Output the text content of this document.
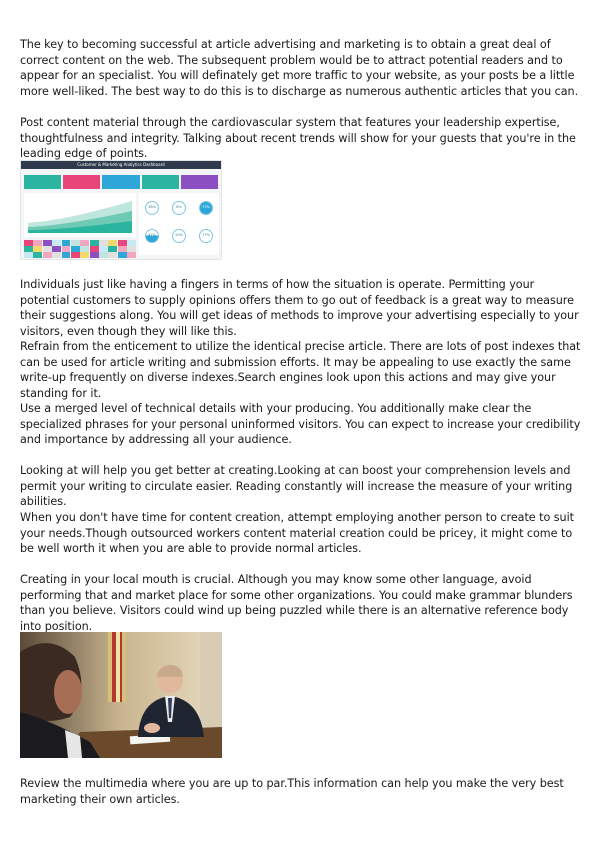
The key to becoming successful at article advertising and marketing is to obtain a great deal of correct content on the web. The subsequent problem would be to attract potential readers and to appear for an specialist. You will definately get more traffic to your website, as your posts be a little more well-liked. The best way to do this is to discharge as numerous authentic articles that you can.

Post content material through the cardiovascular system that features your leadership expertise, thoughtfulness and integrity. Talking about recent trends will show for your guests that you're in the leading edge of points.

Customer & Marketing Analytics Dashboard
38%	8%	73%
47%	20%	77%

Individuals just like having a fingers in terms of how the situation is operate. Permitting your potential customers to supply opinions offers them to go out of feedback is a great way to measure their suggestions along. You will get ideas of methods to improve your advertising especially to your visitors, even though they will like this.

Refrain from the enticement to utilize the identical precise article. There are lots of post indexes that can be used for article writing and submission efforts. It may be appealing to use exactly the same write-up frequently on diverse indexes.Search engines look upon this actions and may give your standing for it.

Use a merged level of technical details with your producing. You additionally make clear the specialized phrases for your personal uninformed visitors. You can expect to increase your credibility and importance by addressing all your audience.

Looking at will help you get better at creating.Looking at can boost your comprehension levels and permit your writing to circulate easier. Reading constantly will increase the measure of your writing abilities.

When you don't have time for content creation, attempt employing another person to create to suit your needs.Though outsourced workers content material creation could be pricey, it might come to be well worth it when you are able to provide normal articles.

Creating in your local mouth is crucial. Although you may know some other language, avoid performing that and market place for some other organizations. You could make grammar blunders than you believe. Visitors could wind up being puzzled while there is an alternative reference body into position.

Review the multimedia where you are up to par.This information can help you make the very best marketing their own articles.
